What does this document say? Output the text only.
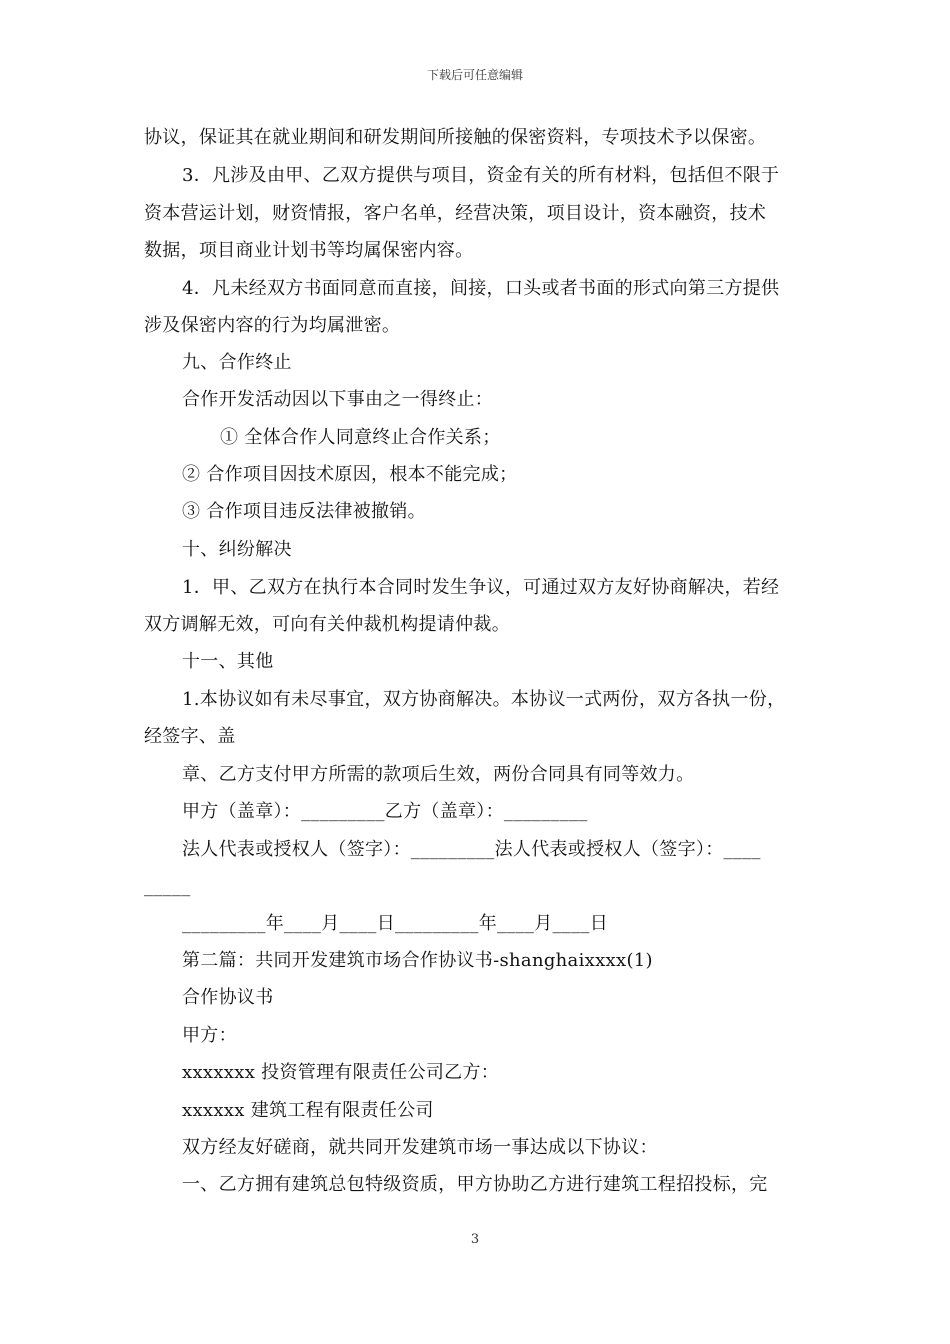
下载后可任意编辑
协议，保证其在就业期间和研发期间所接触的保密资料，专项技术予以保密。
3．凡涉及由甲、乙双方提供与项目，资金有关的所有材料，包括但不限于
资本营运计划，财资情报，客户名单，经营决策，项目设计，资本融资，技术
数据，项目商业计划书等均属保密内容。
4．凡未经双方书面同意而直接，间接，口头或者书面的形式向第三方提供
涉及保密内容的行为均属泄密。
九、合作终止
合作开发活动因以下事由之一得终止：
① 全体合作人同意终止合作关系；
② 合作项目因技术原因，根本不能完成；
③ 合作项目违反法律被撤销。
十、纠纷解决
1．甲、乙双方在执行本合同时发生争议，可通过双方友好协商解决，若经
双方调解无效，可向有关仲裁机构提请仲裁。
十一、其他
1.本协议如有未尽事宜，双方协商解决。本协议一式两份，双方各执一份，
经签字、盖
章、乙方支付甲方所需的款项后生效，两份合同具有同等效力。
甲方（盖章）：_________乙方（盖章）：_________
法人代表或授权人（签字）：_________法人代表或授权人（签字）：____
_____
_________年____月____日_________年____月____日
第二篇：共同开发建筑市场合作协议书-shanghaixxxx(1)
合作协议书
甲方：
xxxxxxx 投资管理有限责任公司乙方：
xxxxxx 建筑工程有限责任公司
双方经友好磋商，就共同开发建筑市场一事达成以下协议：
一、乙方拥有建筑总包特级资质，甲方协助乙方进行建筑工程招投标，完
3
